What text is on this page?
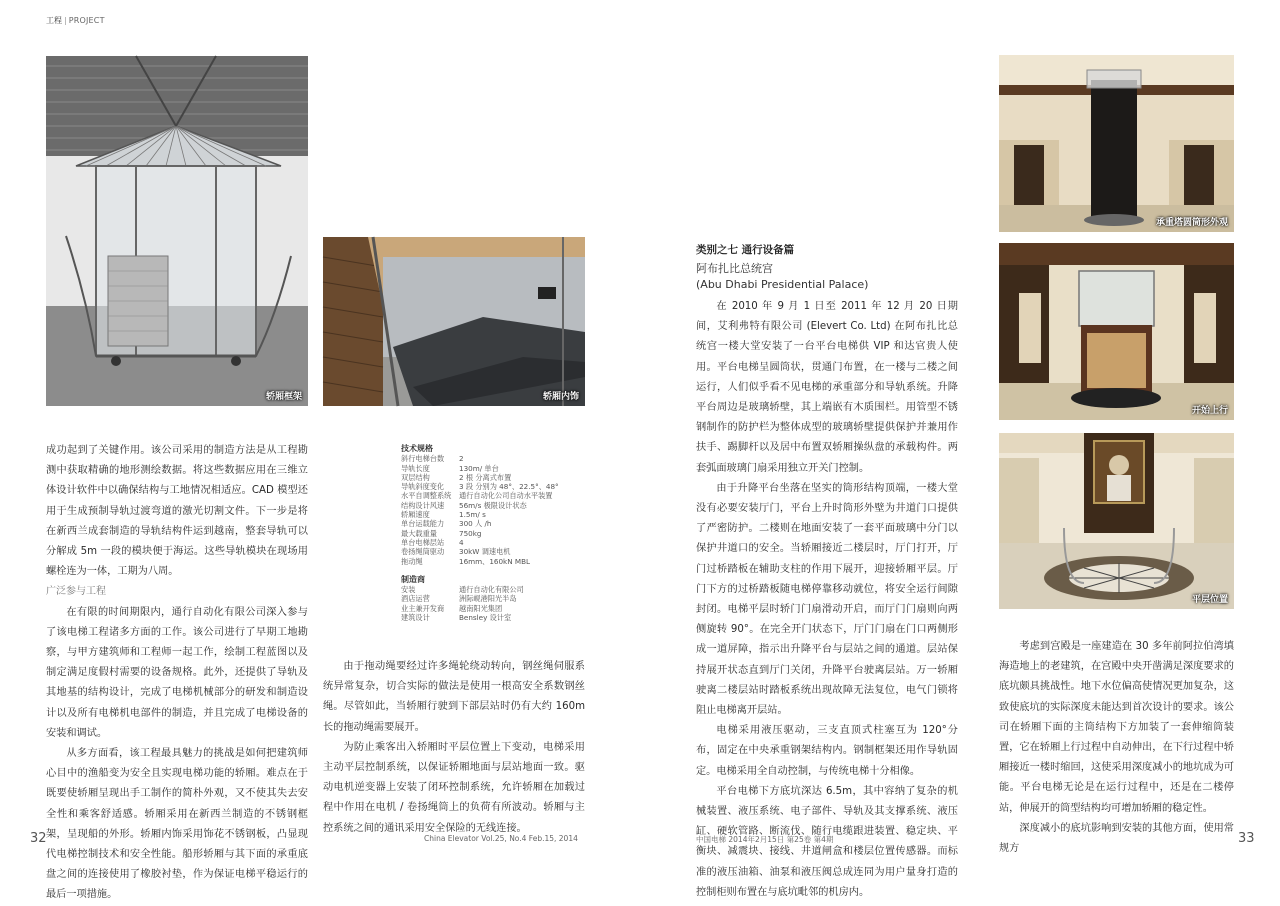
工程 | PROJECT
轿厢框架	轿厢内饰
承重塔圆筒形外观
开始上行
平层位置

成功起到了关键作用。该公司采用的制造方法是从工程勘测中获取精确的地形测绘数据。将这些数据应用在三维立体设计软件中以确保结构与工地情况相适应。CAD 模型还用于生成预制导轨过渡弯道的激光切割文件。下一步是将在新西兰成套制造的导轨结构件运到越南，整套导轨可以分解成 5m 一段的模块便于海运。这些导轨模块在现场用螺栓连为一体，工期为八周。

广泛参与工程

在有限的时间期限内，通行自动化有限公司深入参与了该电梯工程诸多方面的工作。该公司进行了早期工地勘察，与甲方建筑师和工程师一起工作，绘制工程蓝图以及制定满足度假村需要的设备规格。此外，还提供了导轨及其地基的结构设计，完成了电梯机械部分的研发和制造设计以及所有电梯机电部件的制造，并且完成了电梯设备的安装和调试。

从多方面看，该工程最具魅力的挑战是如何把建筑师心目中的渔船变为安全且实现电梯功能的轿厢。难点在于既要使轿厢呈现出手工制作的简朴外观，又不使其失去安全性和乘客舒适感。轿厢采用在新西兰制造的不锈钢框架，呈现船的外形。轿厢内饰采用饰花不锈钢板，凸显现代电梯控制技术和安全性能。船形轿厢与其下面的承重底盘之间的连接使用了橡胶衬垫，作为保证电梯平稳运行的最后一项措施。

技术规格
斜行电梯台数	2
导轨长度	130m/ 单台
双层结构	2 根 分离式布置
导轨斜度变化	3 段 分别为 48°、22.5°、48°
水平自调整系统	通行自动化公司自动水平装置
结构设计风速	56m/s 极限设计状态
轿厢速度	1.5m/ s
单台运载能力	300 人 /h
最大载重量	750kg
单台电梯层站	4
卷扬绳筒驱动	30kW 调速电机
拖动绳	16mm、160kN MBL
制造商
安装	通行自动化有限公司
酒店运营	洲际岘港阳光半岛
业主兼开发商	越南阳光集团
建筑设计	Bensley 设计室

由于拖动绳要经过许多绳轮绕动转向，钢丝绳伺服系统异常复杂，切合实际的做法是使用一根高安全系数钢丝绳。尽管如此，当轿厢行驶到下部层站时仍有大约 160m 长的拖动绳需要展开。

为防止乘客出入轿厢时平层位置上下变动，电梯采用主动平层控制系统，以保证轿厢地面与层站地面一致。驱动电机逆变器上安装了闭环控制系统，允许轿厢在加载过程中作用在电机 / 卷扬绳筒上的负荷有所波动。轿厢与主控系统之间的通讯采用安全保险的无线连接。

类别之七 通行设备篇
阿布扎比总统宫
(Abu Dhabi Presidential Palace)

在 2010 年 9 月 1 日至 2011 年 12 月 20 日期间，艾利弗特有限公司 (Elevert Co. Ltd) 在阿布扎比总统宫一楼大堂安装了一台平台电梯供 VIP 和达官贵人使用。平台电梯呈圆筒状，贯通门布置，在一楼与二楼之间运行，人们似乎看不见电梯的承重部分和导轨系统。升降平台周边是玻璃轿壁，其上端嵌有木质围栏。用管型不锈钢制作的防护栏为整体成型的玻璃轿壁提供保护并兼用作扶手、踢脚杆以及居中布置双轿厢操纵盘的承载构件。两套弧面玻璃门扇采用独立开关门控制。

由于升降平台坐落在坚实的筒形结构顶端，一楼大堂没有必要安装厅门，平台上升时筒形外壁为井道门口提供了严密防护。二楼则在地面安装了一套平面玻璃中分门以保护井道口的安全。当轿厢接近二楼层时，厅门打开，厅门过桥踏板在辅助支柱的作用下展开，迎接轿厢平层。厅门下方的过桥踏板随电梯停靠移动就位，将安全运行间隙封闭。电梯平层时轿门门扇滑动开启，而厅门门扇则向两侧旋转 90°。在完全开门状态下，厅门门扇在门口两侧形成一道屏障，指示出升降平台与层站之间的通道。层站保持展开状态直到厅门关闭，升降平台驶离层站。万一轿厢驶离二楼层站时踏板系统出现故障无法复位，电气门锁将阻止电梯离开层站。

电梯采用液压驱动，三支直顶式柱塞互为 120°分布，固定在中央承重钢架结构内。钢制框架还用作导轨固定。电梯采用全自动控制，与传统电梯十分相像。

平台电梯下方底坑深达 6.5m，其中容纳了复杂的机械装置、液压系统、电子部件、导轨及其支撑系统、液压缸、硬软管路、断流伐、随行电缆跟进装置、稳定块、平衡块、减震块、接线、井道闸盒和楼层位置传感器。而标准的液压油箱、油泵和液压阀总成连同为用户量身打造的控制柜则布置在与底坑毗邻的机房内。

考虑到宫殿是一座建造在 30 多年前阿拉伯湾填海造地上的老建筑，在宫殿中央开凿满足深度要求的底坑颇具挑战性。地下水位偏高使情况更加复杂，这致使底坑的实际深度未能达到首次设计的要求。该公司在轿厢下面的主筒结构下方加装了一套伸缩筒装置，它在轿厢上行过程中自动伸出，在下行过程中轿厢接近一楼时缩回，这使采用深度减小的地坑成为可能。平台电梯无论是在运行过程中，还是在二楼停站，伸展开的筒型结构均可增加轿厢的稳定性。

深度减小的底坑影响到安装的其他方面，使用常规方

32	China Elevator Vol.25, No.4 Feb.15, 2014	中国电梯 2014年2月15日 第25卷 第4期	33
